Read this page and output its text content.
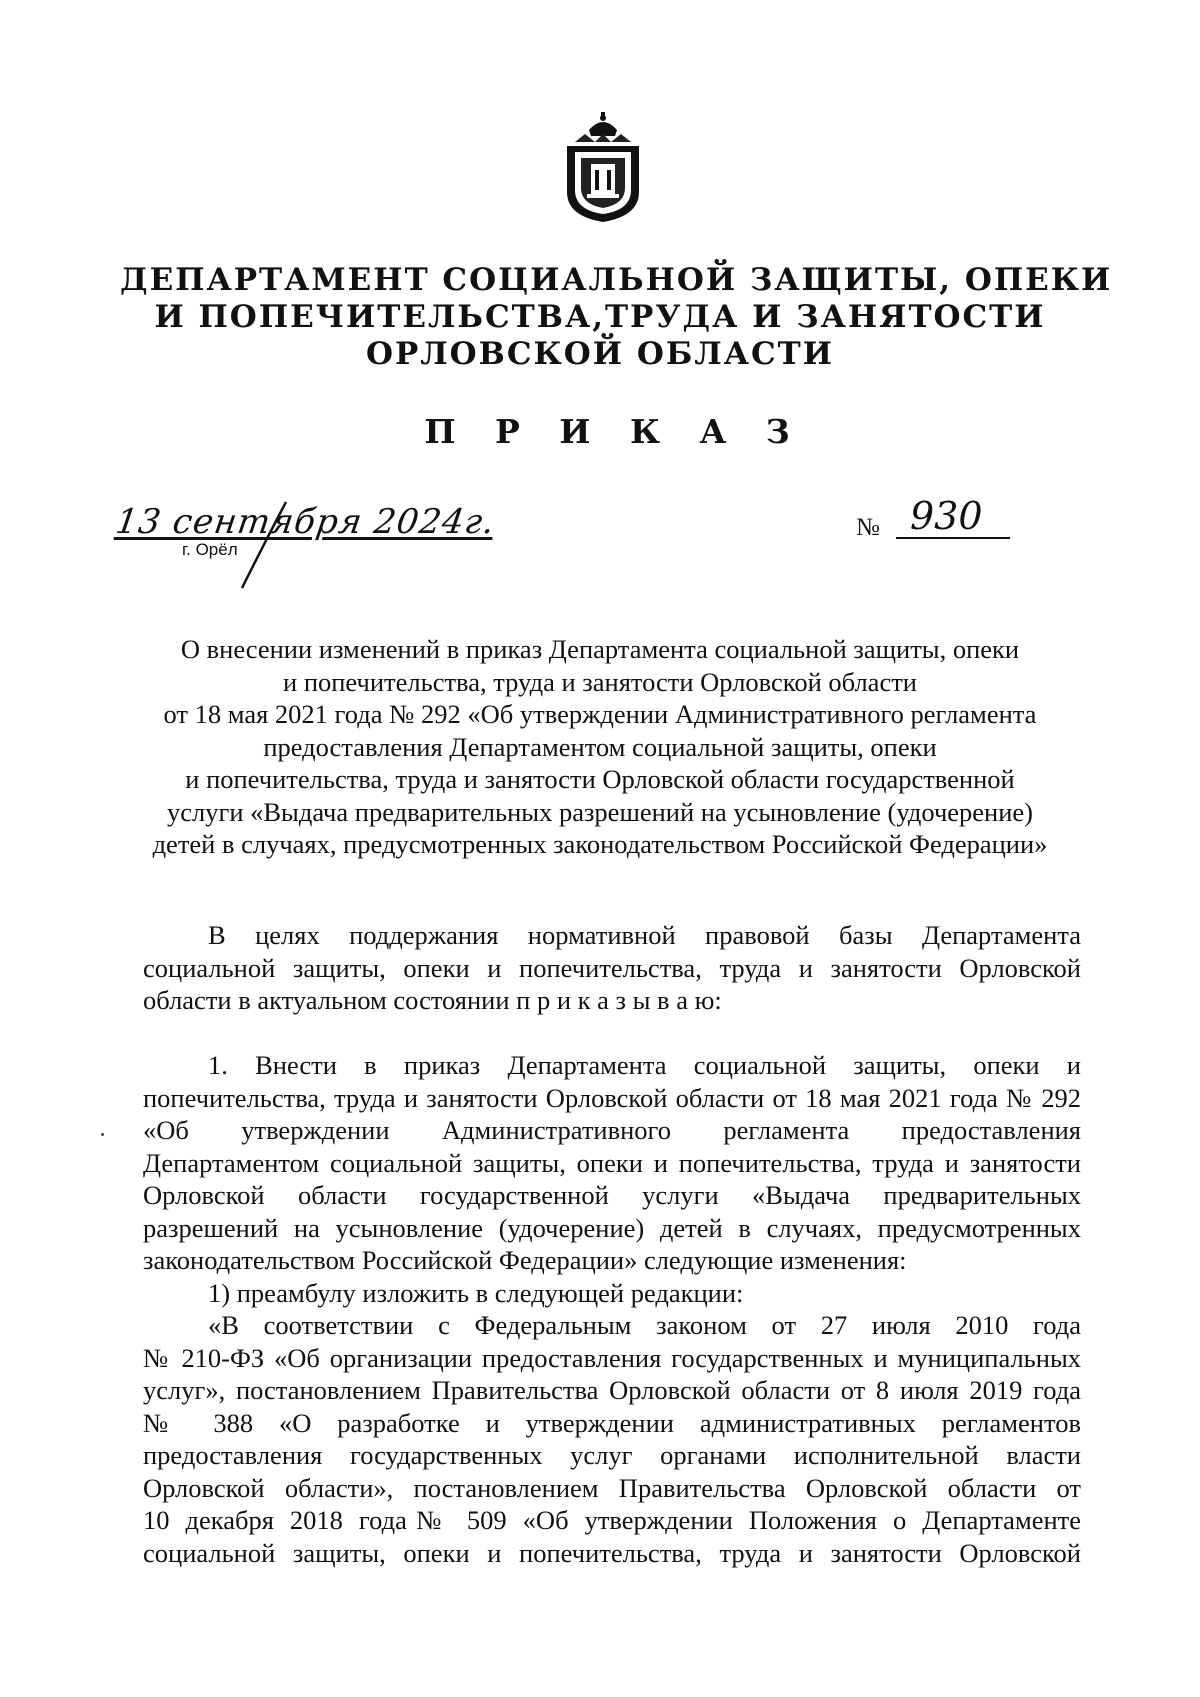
ДЕПАРТАМЕНТ СОЦИАЛЬНОЙ ЗАЩИТЫ, ОПЕКИ
И ПОПЕЧИТЕЛЬСТВА,ТРУДА И ЗАНЯТОСТИ
ОРЛОВСКОЙ ОБЛАСТИ
П Р И К А З
13 сентября 2024г.
г. Орёл
№ 930
О внесении изменений в приказ Департамента социальной защиты, опеки
и попечительства, труда и занятости Орловской области
от 18 мая 2021 года № 292 «Об утверждении Административного регламента
предоставления Департаментом социальной защиты, опеки
и попечительства, труда и занятости Орловской области государственной
услуги «Выдача предварительных разрешений на усыновление (удочерение)
детей в случаях, предусмотренных законодательством Российской Федерации»
В целях поддержания нормативной правовой базы Департамента
социальной защиты, опеки и попечительства, труда и занятости Орловской
области в актуальном состоянии п р и к а з ы в а ю:
1. Внести в приказ Департамента социальной защиты, опеки и
попечительства, труда и занятости Орловской области от 18 мая 2021 года № 292
«Об утверждении Административного регламента предоставления
Департаментом социальной защиты, опеки и попечительства, труда и занятости
Орловской области государственной услуги «Выдача предварительных
разрешений на усыновление (удочерение) детей в случаях, предусмотренных
законодательством Российской Федерации» следующие изменения:
1) преамбулу изложить в следующей редакции:
«В соответствии с Федеральным законом от 27 июля 2010 года
№ 210-ФЗ «Об организации предоставления государственных и муниципальных
услуг», постановлением Правительства Орловской области от 8 июля 2019 года
№ 388 «О разработке и утверждении административных регламентов
предоставления государственных услуг органами исполнительной власти
Орловской области», постановлением Правительства Орловской области от
10 декабря 2018 года№ 509 «Об утверждении Положения о Департаменте
социальной защиты, опеки и попечительства, труда и занятости Орловской
